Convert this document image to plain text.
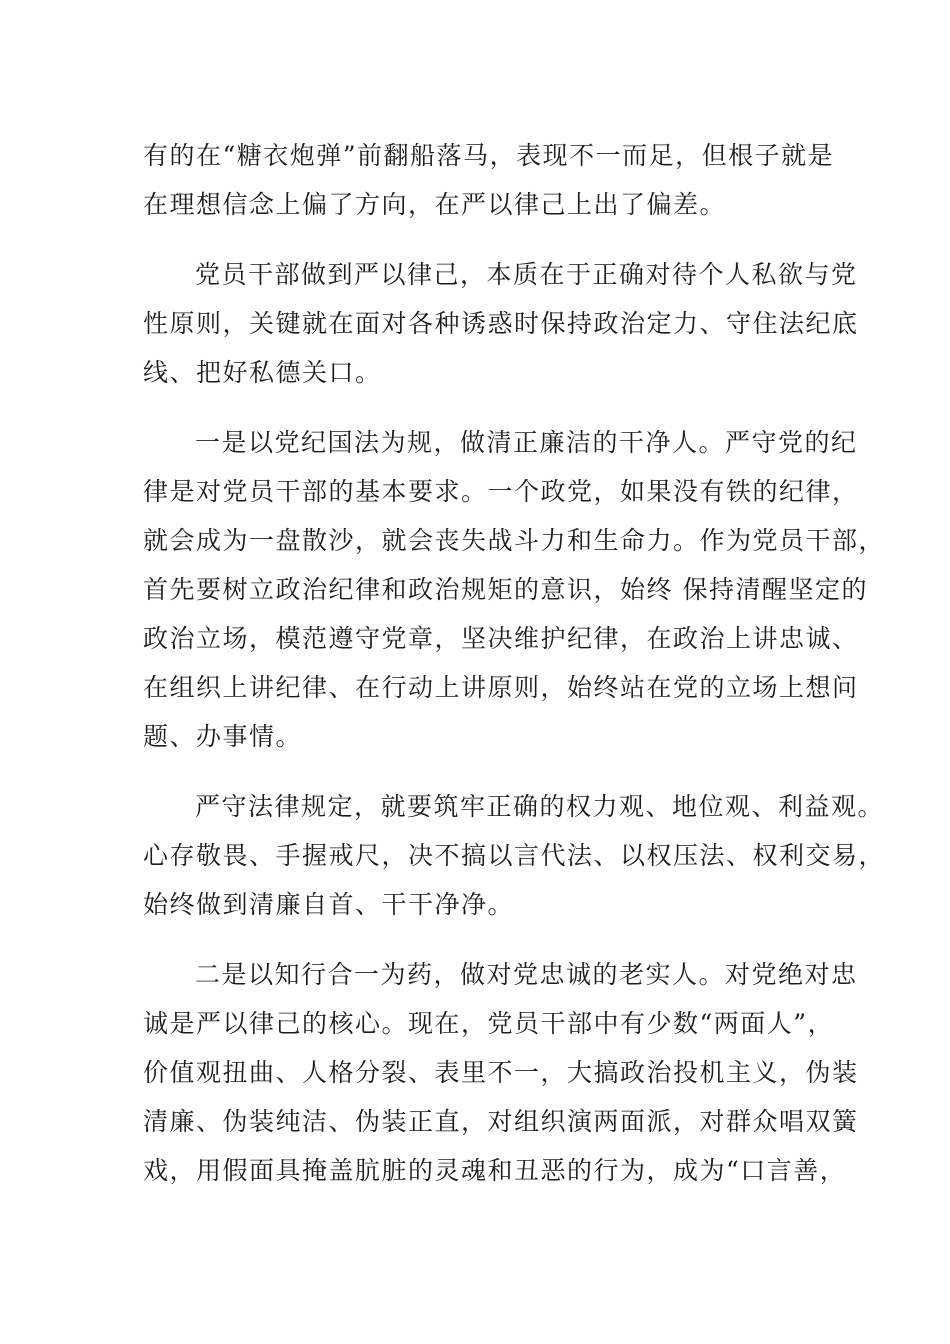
有的在“糖衣炮弹”前翻船落马，表现不一而足，但根子就是
在理想信念上偏了方向，在严以律己上出了偏差。
党员干部做到严以律己，本质在于正确对待个人私欲与党
性原则，关键就在面对各种诱惑时保持政治定力、守住法纪底
线、把好私德关口。
一是以党纪国法为规，做清正廉洁的干净人。严守党的纪
律是对党员干部的基本要求。一个政党，如果没有铁的纪律，
就会成为一盘散沙，就会丧失战斗力和生命力。作为党员干部，
首先要树立政治纪律和政治规矩的意识，始终 保持清醒坚定的
政治立场，模范遵守党章，坚决维护纪律，在政治上讲忠诚、
在组织上讲纪律、在行动上讲原则，始终站在党的立场上想问
题、办事情。
严守法律规定，就要筑牢正确的权力观、地位观、利益观。
心存敬畏、手握戒尺，决不搞以言代法、以权压法、权利交易，
始终做到清廉自首、干干净净。
二是以知行合一为药，做对党忠诚的老实人。对党绝对忠
诚是严以律己的核心。现在，党员干部中有少数“两面人”，
价值观扭曲、人格分裂、表里不一，大搞政治投机主义，伪装
清廉、伪装纯洁、伪装正直，对组织演两面派，对群众唱双簧
戏，用假面具掩盖肮脏的灵魂和丑恶的行为，成为“口言善，
